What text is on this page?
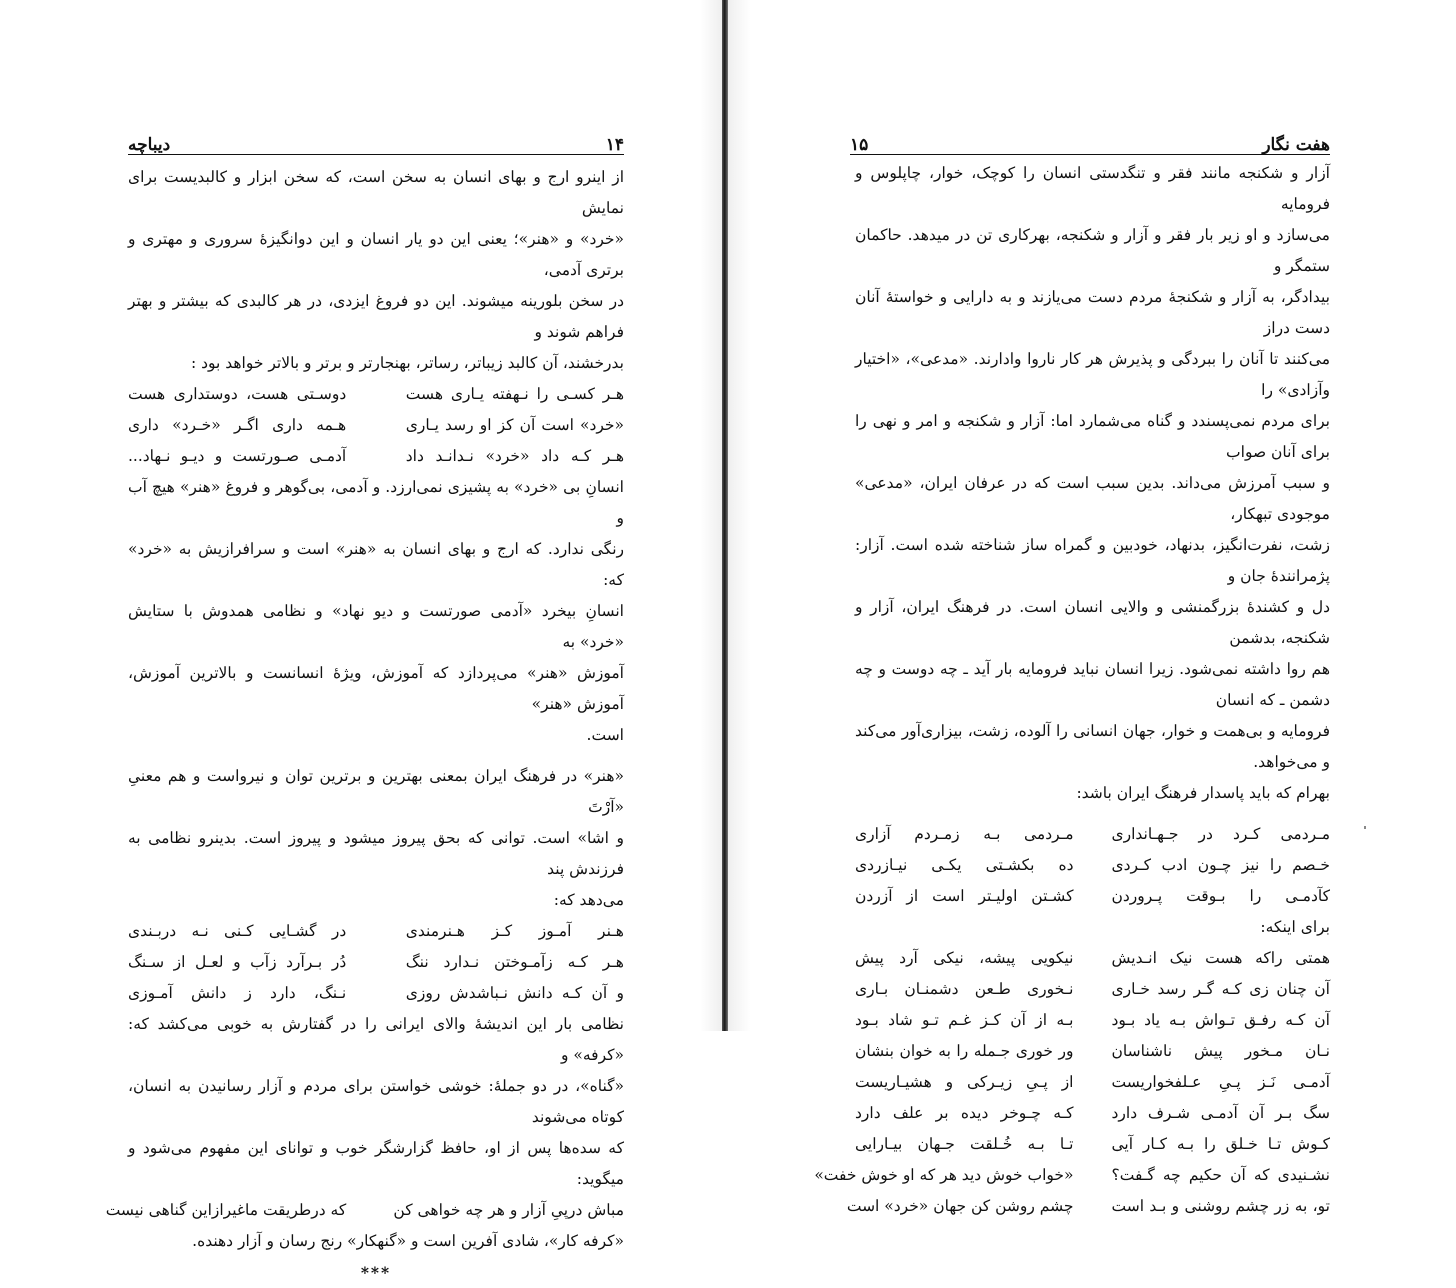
۱۴
دیباچه

از اینرو ارج و بهای انسان به سخن است، که سخن ابزار و کالبدیست برای نمایش

«خرد» و «هنر»؛ یعنی این دو یار انسان و این دوانگیزهٔ سروری و مهتری و برتری آدمی،

در سخن بلورینه میشوند. این دو فروغ ایزدی، در هر کالبدی که بیشتر و بهتر فراهم شوند و

بدرخشند، آن کالبد زیباتر، رساتر، بهنجارتر و برتر و بالاتر خواهد بود :

هـر کسـی را نـهفته یـاری هست
دوسـتی هست، دوستداری هست
«خرد» است آن کز او رسد یـاری
هـمه داری اگـر «خـرد» داری
هـر کـه داد «خرد» نـدانـد داد
آدمـی صـورتست و دیـو نـهاد...

انسانِ بی «خرد» به پشیزی نمی‌ارزد. و آدمی، بی‌گوهر و فروغ «هنر» هیچ آب و

رنگی ندارد. که ارج و بهای انسان به «هنر» است و سرافرازیش به «خرد» که:

انسانِ بیخرد «آدمی صورتست و دیو نهاد» و نظامی همدوش با ستایش «خرد» به

آموزش «هنر» می‌پردازد که آموزش، ویژهٔ انسانست و بالاترین آموزش، آموزش «هنر»

است.

«هنر» در فرهنگ ایران بمعنی بهترین و برترین توان و نیرواست و هم معنیِ «آرْتَ

و اشا» است. توانی که بحق پیروز میشود و پیروز است. بدینرو نظامی به فرزندش پند

می‌دهد که:

هـنر آمـوز کـز هـنرمندی
در گشـایی کـنی نـه دربـندی
هـر کـه زآمـوختن نـدارد ننگ
دُر بـرآرد زآب و لعـل از سـنگ
و آن کـه دانش نـباشدش روزی
نـنگ، دارد ز دانش آمـوزی

نظامی بار این اندیشهٔ والای ایرانی را در گفتارش به خوبی می‌کشد که: «کرفه» و

«گناه»، در دو جملهٔ: خوشی خواستن برای مردم و آزار رسانیدن به انسان، کوتاه می‌شوند

که سده‌ها پس از او، حافظ گزارشگر خوب و توانای این مفهوم می‌شود و میگوید:

مباش درپیِ آزار و هر چه خواهی کن
که درطریقت ماغیرازاین گناهی نیست

«کرفه کار»، شادی آفرین است و «گنهکار» رنج رسان و آزار دهنده.

***
هفت نگار
۱۵

آزار و شکنجه مانند فقر و تنگدستی انسان را کوچک، خوار، چاپلوس و فرومایه

می‌سازد و او زیر بار فقر و آزار و شکنجه، بهرکاری تن در میدهد. حاکمان ستمگر و

بیدادگر، به آزار و شکنجهٔ مردم دست می‌یازند و به دارایی و خواستهٔ آنان دست دراز

می‌کنند تا آنان را ببردگی و پذیرش هر کار ناروا وادارند. «مدعی»، «اختیار وآزادی» را

برای مردم نمی‌پسندد و گناه می‌شمارد اما: آزار و شکنجه و امر و نهی را برای آنان صواب

و سبب آمرزش می‌داند. بدین سبب است که در عرفان ایران، «مدعی» موجودی تبهکار،

زشت، نفرت‌انگیز، بدنهاد، خودبین و گمراه ساز شناخته شده است. آزار: پژمرانندهٔ جان و

دل و کشندهٔ بزرگمنشی و والایی انسان است. در فرهنگ ایران، آزار و شکنجه، بدشمن

هم روا داشته نمی‌شود. زیرا انسان نباید فرومایه بار آید ـ چه دوست و چه دشمن ـ که انسان

فرومایه و بی‌همت و خوار، جهان انسانی را آلوده، زشت، بیزاری‌آور می‌کند و می‌خواهد.

بهرام که باید پاسدار فرهنگ ایران باشد:

مـردمی کـرد در جـهـانداری
مـردمی بـه زمـردم آزاری
خـصم را نیز چـون ادب کـردی
ده بکشـتی یکـی نیـازردی
کآدمـی را بـوقت پـروردن
کشـتن اولیـتر است از آزردن

برای اینکه:

همتی راکه هست نیک انـدیش
نیکویی پیشه، نیکی آرد پیش
آن چنان زی کـه گـر رسد خـاری
نـخوری طـعن دشمنـان بـاری
آن کـه رفـق تـواش بـه یاد بـود
بـه از آن کـز غـم تـو شاد بـود
نـان مـخور پیش ناشناسان
ور خوری جـمله را به خوان بنشان
آدمـی نَـز پـیِ عـلفخواریست
از پـیِ زیـرکی و هشیـاریست
سگ بـر آن آدمـی شـرف دارد
کـه چـوخر دیده بر علف دارد
کـوش تـا خـلق را بـه کـار آیی
تـا بـه خُـلقت جـهان بیـارایی
نشـنیدی که آن حکیم چه گـفت؟
«خواب خوش دید هر که او خوش خفت»
تو، به زر چشم روشنی و بـد است
چشم روشن کن جهان «خرد» است
